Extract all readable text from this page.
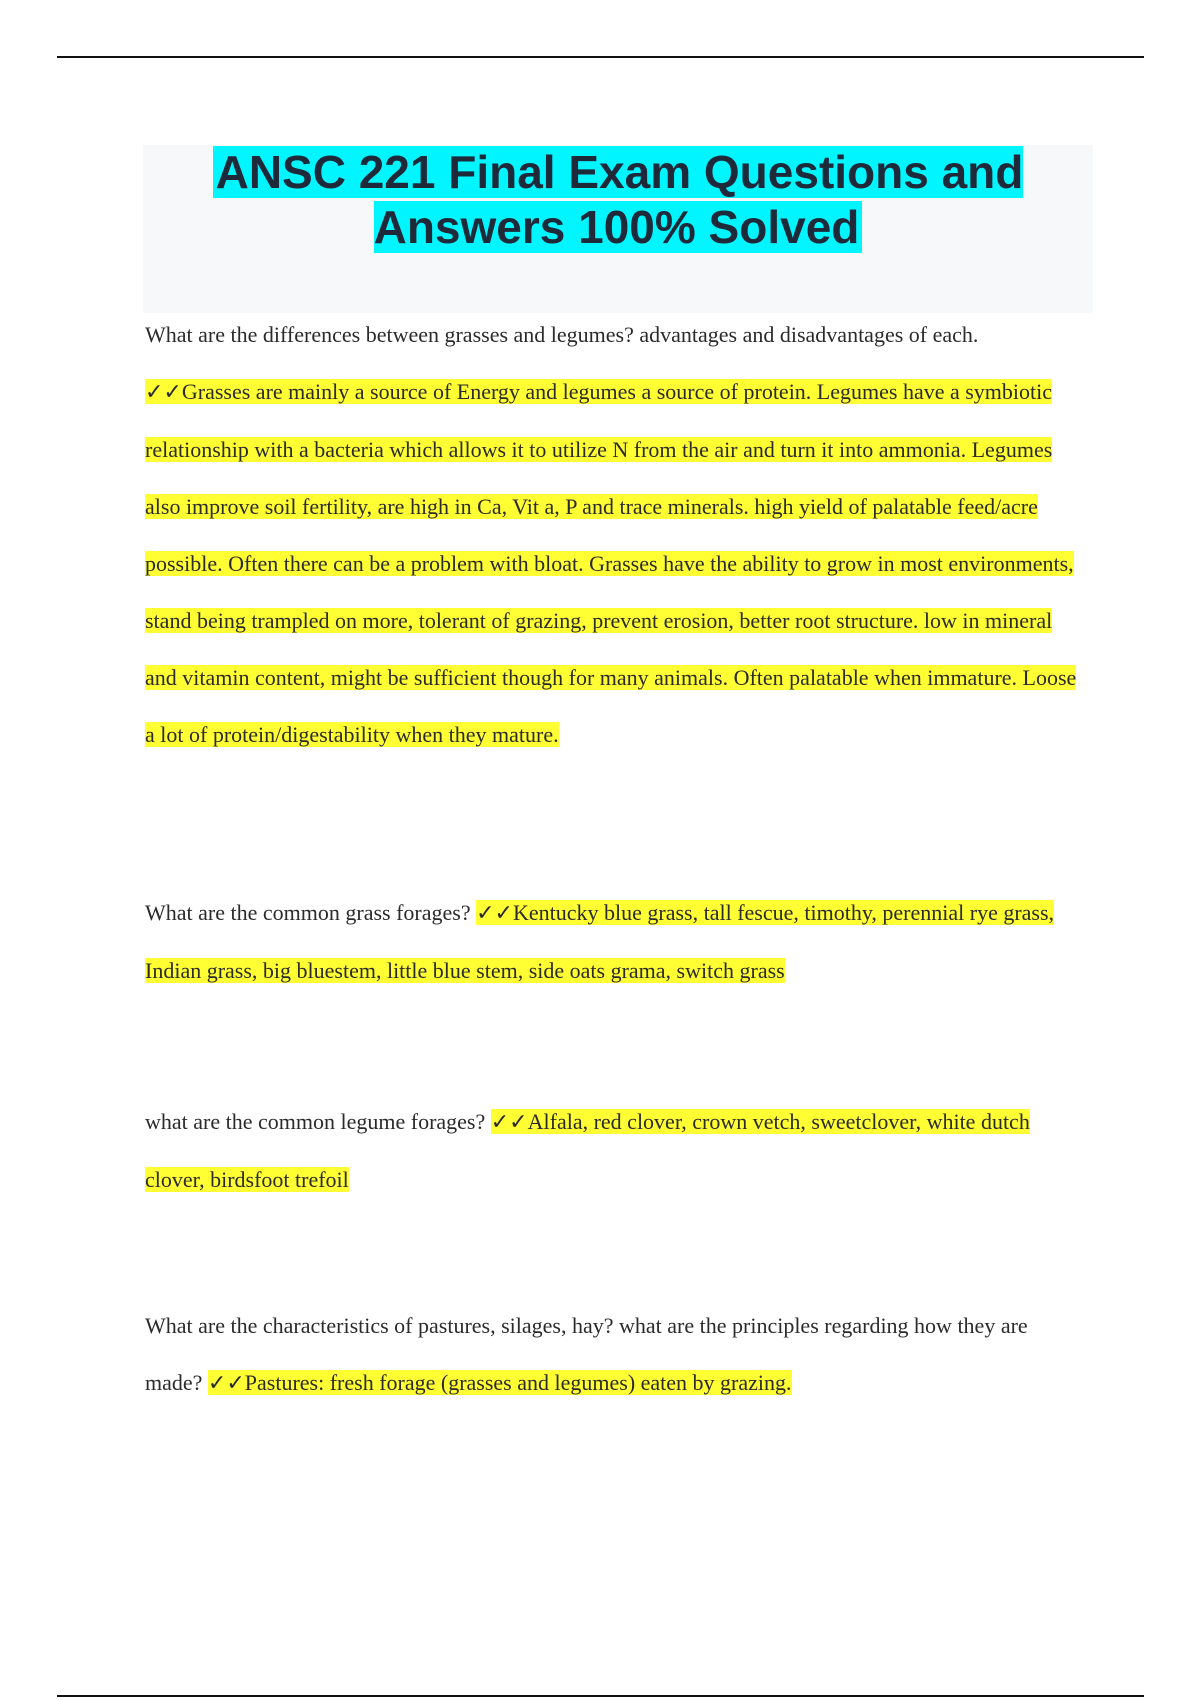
ANSC 221 Final Exam Questions and Answers 100% Solved

What are the differences between grasses and legumes? advantages and disadvantages of each.
✓✓Grasses are mainly a source of Energy and legumes a source of protein. Legumes have a symbiotic relationship with a bacteria which allows it to utilize N from the air and turn it into ammonia. Legumes also improve soil fertility, are high in Ca, Vit a, P and trace minerals. high yield of palatable feed/acre possible. Often there can be a problem with bloat. Grasses have the ability to grow in most environments, stand being trampled on more, tolerant of grazing, prevent erosion, better root structure. low in mineral and vitamin content, might be sufficient though for many animals. Often palatable when immature. Loose a lot of protein/digestability when they mature.

What are the common grass forages? ✓✓Kentucky blue grass, tall fescue, timothy, perennial rye grass, Indian grass, big bluestem, little blue stem, side oats grama, switch grass

what are the common legume forages? ✓✓Alfala, red clover, crown vetch, sweetclover, white dutch clover, birdsfoot trefoil

What are the characteristics of pastures, silages, hay? what are the principles regarding how they are made? ✓✓Pastures: fresh forage (grasses and legumes) eaten by grazing.
